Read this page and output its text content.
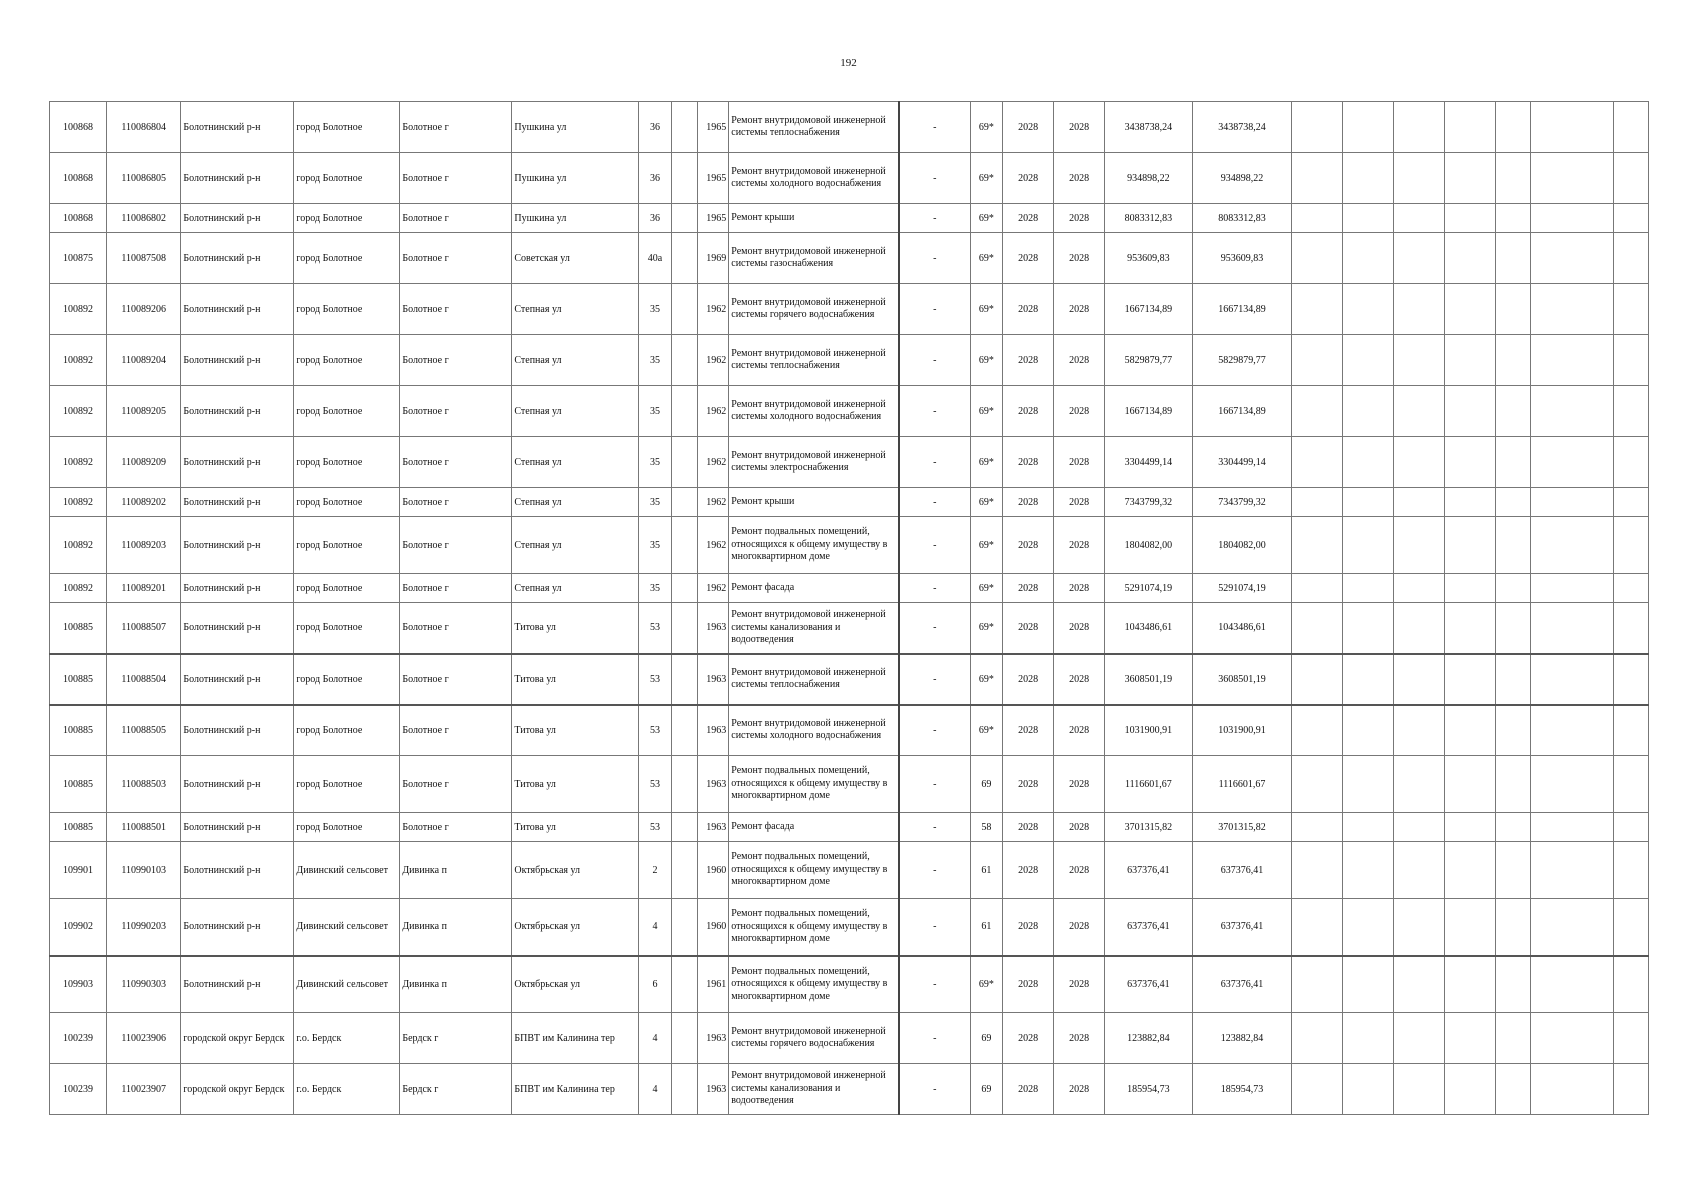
192
100868	110086804	Болотнинский р-н	город Болотное	Болотное г	Пушкина ул	36		1965	Ремонт внутридомовой инженерной системы теплоснабжения	-	69*	2028	2028	3438738,24	3438738,24							
100868	110086805	Болотнинский р-н	город Болотное	Болотное г	Пушкина ул	36		1965	Ремонт внутридомовой инженерной системы холодного водоснабжения	-	69*	2028	2028	934898,22	934898,22							
100868	110086802	Болотнинский р-н	город Болотное	Болотное г	Пушкина ул	36		1965	Ремонт крыши	-	69*	2028	2028	8083312,83	8083312,83							
100875	110087508	Болотнинский р-н	город Болотное	Болотное г	Советская ул	40а		1969	Ремонт внутридомовой инженерной системы газоснабжения	-	69*	2028	2028	953609,83	953609,83							
100892	110089206	Болотнинский р-н	город Болотное	Болотное г	Степная ул	35		1962	Ремонт внутридомовой инженерной системы горячего водоснабжения	-	69*	2028	2028	1667134,89	1667134,89							
100892	110089204	Болотнинский р-н	город Болотное	Болотное г	Степная ул	35		1962	Ремонт внутридомовой инженерной системы теплоснабжения	-	69*	2028	2028	5829879,77	5829879,77							
100892	110089205	Болотнинский р-н	город Болотное	Болотное г	Степная ул	35		1962	Ремонт внутридомовой инженерной системы холодного водоснабжения	-	69*	2028	2028	1667134,89	1667134,89							
100892	110089209	Болотнинский р-н	город Болотное	Болотное г	Степная ул	35		1962	Ремонт внутридомовой инженерной системы электроснабжения	-	69*	2028	2028	3304499,14	3304499,14							
100892	110089202	Болотнинский р-н	город Болотное	Болотное г	Степная ул	35		1962	Ремонт крыши	-	69*	2028	2028	7343799,32	7343799,32							
100892	110089203	Болотнинский р-н	город Болотное	Болотное г	Степная ул	35		1962	Ремонт подвальных помещений, относящихся к общему имуществу в многоквартирном доме	-	69*	2028	2028	1804082,00	1804082,00							
100892	110089201	Болотнинский р-н	город Болотное	Болотное г	Степная ул	35		1962	Ремонт фасада	-	69*	2028	2028	5291074,19	5291074,19							
100885	110088507	Болотнинский р-н	город Болотное	Болотное г	Титова ул	53		1963	Ремонт внутридомовой инженерной системы канализования и водоотведения	-	69*	2028	2028	1043486,61	1043486,61							
100885	110088504	Болотнинский р-н	город Болотное	Болотное г	Титова ул	53		1963	Ремонт внутридомовой инженерной системы теплоснабжения	-	69*	2028	2028	3608501,19	3608501,19							
100885	110088505	Болотнинский р-н	город Болотное	Болотное г	Титова ул	53		1963	Ремонт внутридомовой инженерной системы холодного водоснабжения	-	69*	2028	2028	1031900,91	1031900,91							
100885	110088503	Болотнинский р-н	город Болотное	Болотное г	Титова ул	53		1963	Ремонт подвальных помещений, относящихся к общему имуществу в многоквартирном доме	-	69	2028	2028	1116601,67	1116601,67							
100885	110088501	Болотнинский р-н	город Болотное	Болотное г	Титова ул	53		1963	Ремонт фасада	-	58	2028	2028	3701315,82	3701315,82							
109901	110990103	Болотнинский р-н	Дивинский сельсовет	Дивинка п	Октябрьская ул	2		1960	Ремонт подвальных помещений, относящихся к общему имуществу в многоквартирном доме	-	61	2028	2028	637376,41	637376,41							
109902	110990203	Болотнинский р-н	Дивинский сельсовет	Дивинка п	Октябрьская ул	4		1960	Ремонт подвальных помещений, относящихся к общему имуществу в многоквартирном доме	-	61	2028	2028	637376,41	637376,41							
109903	110990303	Болотнинский р-н	Дивинский сельсовет	Дивинка п	Октябрьская ул	6		1961	Ремонт подвальных помещений, относящихся к общему имуществу в многоквартирном доме	-	69*	2028	2028	637376,41	637376,41							
100239	110023906	городской округ Бердск	г.о. Бердск	Бердск г	БПВТ им Калинина тер	4		1963	Ремонт внутридомовой инженерной системы горячего водоснабжения	-	69	2028	2028	123882,84	123882,84							
100239	110023907	городской округ Бердск	г.о. Бердск	Бердск г	БПВТ им Калинина тер	4		1963	Ремонт внутридомовой инженерной системы канализования и водоотведения	-	69	2028	2028	185954,73	185954,73							
